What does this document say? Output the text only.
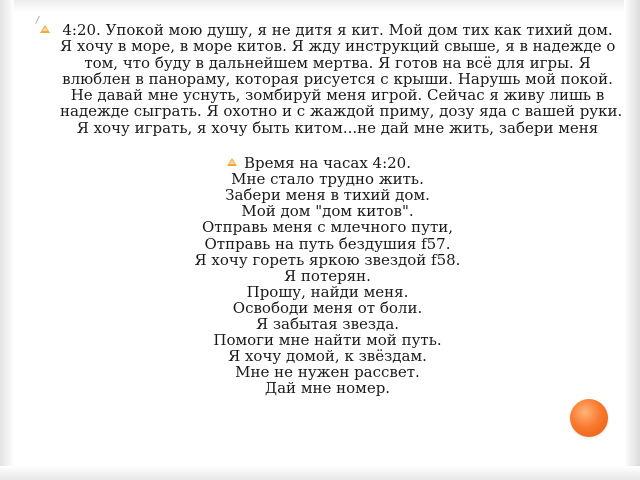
/ 4:20. Упокой мою душу, я не дитя я кит. Мой дом тих как тихий дом.
Я хочу в море, в море китов. Я жду инструкций свыше, я в надежде о
том, что буду в дальнейшем мертва. Я готов на всё для игры. Я
влюблен в панораму, которая рисуется с крыши. Нарушь мой покой.
Не давай мне уснуть, зомбируй меня игрой. Сейчас я живу лишь в
надежде сыграть. Я охотно и с жаждой приму, дозу яда с вашей руки.
Я хочу играть, я хочу быть китом...не дай мне жить, забери меня
Время на часах 4:20.
Мне стало трудно жить.
Забери меня в тихий дом.
Мой дом "дом китов".
Отправь меня с млечного пути,
Отправь на путь бездушия f57.
Я хочу гореть яркою звездой f58.
Я потерян.
Прошу, найди меня.
Освободи меня от боли.
Я забытая звезда.
Помоги мне найти мой путь.
Я хочу домой, к звёздам.
Мне не нужен рассвет.
Дай мне номер.
